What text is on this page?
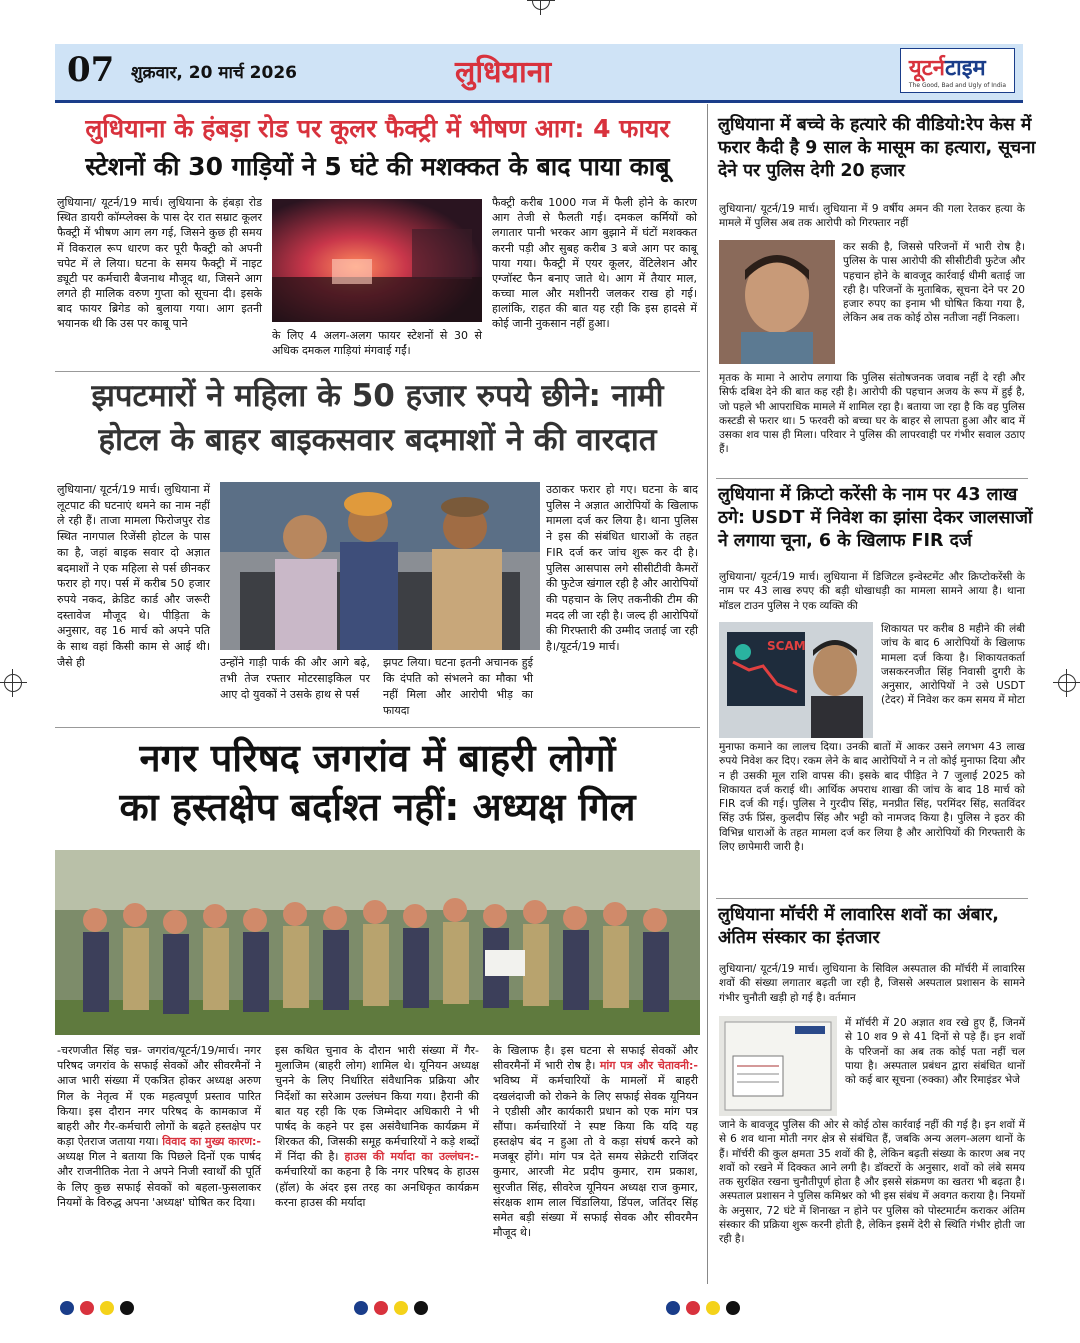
07 शुक्रवार, 20 मार्च 2026	लुधियाना	यूटर्नटाइम
The Good, Bad and Ugly of India
लुधियाना के हंबड़ा रोड पर कूलर फैक्ट्री में भीषण आग: 4 फायर
स्टेशनों की 30 गाड़ियों ने 5 घंटे की मशक्कत के बाद पाया काबू
लुधियाना/ यूटर्न/19 मार्च। लुधियाना के हंबड़ा रोड स्थित डायरी कॉम्प्लेक्स के पास देर रात सम्राट कूलर फैक्ट्री में भीषण आग लग गई, जिसने कुछ ही समय में विकराल रूप धारण कर पूरी फैक्ट्री को अपनी चपेट में ले लिया। घटना के समय फैक्ट्री में नाइट ड्यूटी पर कर्मचारी बैजनाथ मौजूद था, जिसने आग लगते ही मालिक वरुण गुप्ता को सूचना दी। इसके बाद फायर ब्रिगेड को बुलाया गया। आग इतनी भयानक थी कि उस पर काबू पाने
के लिए 4 अलग-अलग फायर स्टेशनों से 30 से अधिक दमकल गाड़ियां मंगवाई गईं।
फैक्ट्री करीब 1000 गज में फैली होने के कारण आग तेजी से फैलती गई। दमकल कर्मियों को लगातार पानी भरकर आग बुझाने में घंटों मशक्कत करनी पड़ी और सुबह करीब 3 बजे आग पर काबू पाया गया। फैक्ट्री में एयर कूलर, वेंटिलेशन और एग्जॉस्ट फैन बनाए जाते थे। आग में तैयार माल, कच्चा माल और मशीनरी जलकर राख हो गई। हालांकि, राहत की बात यह रही कि इस हादसे में कोई जानी नुकसान नहीं हुआ।
झपटमारों ने महिला के 50 हजार रुपये छीने: नामी
होटल के बाहर बाइकसवार बदमाशों ने की वारदात
लुधियाना/ यूटर्न/19 मार्च। लुधियाना में लूटपाट की घटनाएं थमने का नाम नहीं ले रही हैं। ताजा मामला फिरोजपुर रोड स्थित नागपाल रिजेंसी होटल के पास का है, जहां बाइक सवार दो अज्ञात बदमाशों ने एक महिला से पर्स छीनकर फरार हो गए। पर्स में करीब 50 हजार रुपये नकद, क्रेडिट कार्ड और जरूरी दस्तावेज मौजूद थे। पीड़िता के अनुसार, वह 16 मार्च को अपने पति के साथ वहां किसी काम से आई थी। जैसे ही	उन्होंने गाड़ी पार्क की और आगे बढ़े, तभी तेज रफ्तार मोटरसाइकिल पर आए दो युवकों ने उसके हाथ से पर्स
झपट लिया। घटना इतनी अचानक हुई कि दंपति को संभलने का मौका भी नहीं मिला और आरोपी भीड़ का फायदा
उठाकर फरार हो गए। घटना के बाद पुलिस ने अज्ञात आरोपियों के खिलाफ मामला दर्ज कर लिया है। थाना पुलिस ने इस की संबंधित धाराओं के तहत FIR दर्ज कर जांच शुरू कर दी है। पुलिस आसपास लगे सीसीटीवी कैमरों की फुटेज खंगाल रही है और आरोपियों की पहचान के लिए तकनीकी टीम की मदद ली जा रही है। जल्द ही आरोपियों की गिरफ्तारी की उम्मीद जताई जा रही है।/यूटर्न/19 मार्च।
नगर परिषद जगरांव में बाहरी लोगों
का हस्तक्षेप बर्दाश्त नहीं: अध्यक्ष गिल
-चरणजीत सिंह चन्न- जगरांव/यूटर्न/19/मार्च। नगर परिषद जगरांव के सफाई सेवकों और सीवरमैनों ने आज भारी संख्या में एकत्रित होकर अध्यक्ष अरुण गिल के नेतृत्व में एक महत्वपूर्ण प्रस्ताव पारित किया। इस दौरान नगर परिषद के कामकाज में बाहरी और गैर-कर्मचारी लोगों के बढ़ते हस्तक्षेप पर कड़ा ऐतराज जताया गया। विवाद का मुख्य कारण:- अध्यक्ष गिल ने बताया कि पिछले दिनों एक पार्षद और राजनीतिक नेता ने अपने निजी स्वार्थों की पूर्ति के लिए कुछ सफाई सेवकों को बहला-फुसलाकर नियमों के विरुद्ध अपना 'अध्यक्ष' घोषित कर दिया।
इस कथित चुनाव के दौरान भारी संख्या में गैर-मुलाजिम (बाहरी लोग) शामिल थे। यूनियन अध्यक्ष चुनने के लिए निर्धारित संवैधानिक प्रक्रिया और निर्देशों का सरेआम उल्लंघन किया गया। हैरानी की बात यह रही कि एक जिम्मेदार अधिकारी ने भी पार्षद के कहने पर इस असंवैधानिक कार्यक्रम में शिरकत की, जिसकी समूह कर्मचारियों ने कड़े शब्दों में निंदा की है। हाउस की मर्यादा का उल्लंघन:- कर्मचारियों का कहना है कि नगर परिषद के हाउस (हॉल) के अंदर इस तरह का अनधिकृत कार्यक्रम करना हाउस की मर्यादा
के खिलाफ है। इस घटना से सफाई सेवकों और सीवरमैनों में भारी रोष है। मांग पत्र और चेतावनी:- भविष्य में कर्मचारियों के मामलों में बाहरी दखलंदाजी को रोकने के लिए सफाई सेवक यूनियन ने एडीसी और कार्यकारी प्रधान को एक मांग पत्र सौंपा। कर्मचारियों ने स्पष्ट किया कि यदि यह हस्तक्षेप बंद न हुआ तो वे कड़ा संघर्ष करने को मजबूर होंगे। मांग पत्र देते समय सेक्रेटरी राजिंदर कुमार, आरजी मेट प्रदीप कुमार, राम प्रकाश, सुरजीत सिंह, सीवरेज यूनियन अध्यक्ष राज कुमार, संरक्षक शाम लाल चिंडालिया, डिंपल, जतिंदर सिंह समेत बड़ी संख्या में सफाई सेवक और सीवरमैन मौजूद थे।
लुधियाना में बच्चे के हत्यारे की वीडियो:रेप केस में फरार कैदी है 9 साल के मासूम का हत्यारा, सूचना देने पर पुलिस देगी 20 हजार
लुधियाना/ यूटर्न/19 मार्च। लुधियाना में 9 वर्षीय अमन की गला रेतकर हत्या के मामले में पुलिस अब तक आरोपी को गिरफ्तार नहीं
कर सकी है, जिससे परिजनों में भारी रोष है। पुलिस के पास आरोपी की सीसीटीवी फुटेज और पहचान होने के बावजूद कार्रवाई धीमी बताई जा रही है। परिजनों के मुताबिक, सूचना देने पर 20 हजार रुपए का इनाम भी घोषित किया गया है, लेकिन अब तक कोई ठोस नतीजा नहीं निकला।
मृतक के मामा ने आरोप लगाया कि पुलिस संतोषजनक जवाब नहीं दे रही और सिर्फ दबिश देने की बात कह रही है। आरोपी की पहचान अजय के रूप में हुई है, जो पहले भी आपराधिक मामले में शामिल रहा है। बताया जा रहा है कि वह पुलिस कस्टडी से फरार था। 5 फरवरी को बच्चा घर के बाहर से लापता हुआ और बाद में उसका शव पास ही मिला। परिवार ने पुलिस की लापरवाही पर गंभीर सवाल उठाए हैं।
लुधियाना में क्रिप्टो करेंसी के नाम पर 43 लाख ठगे: USDT में निवेश का झांसा देकर जालसाजों ने लगाया चूना, 6 के खिलाफ FIR दर्ज
लुधियाना/ यूटर्न/19 मार्च। लुधियाना में डिजिटल इन्वेस्टमेंट और क्रिप्टोकरेंसी के नाम पर 43 लाख रुपए की बड़ी धोखाधड़ी का मामला सामने आया है। थाना मॉडल टाउन पुलिस ने एक व्यक्ति की
SCAM
शिकायत पर करीब 8 महीने की लंबी जांच के बाद 6 आरोपियों के खिलाफ मामला दर्ज किया है। शिकायतकर्ता जसकरनजीत सिंह निवासी दुगरी के अनुसार, आरोपियों ने उसे USDT (टेदर) में निवेश कर कम समय में मोटा
मुनाफा कमाने का लालच दिया। उनकी बातों में आकर उसने लगभग 43 लाख रुपये निवेश कर दिए। रकम लेने के बाद आरोपियों ने न तो कोई मुनाफा दिया और न ही उसकी मूल राशि वापस की। इसके बाद पीड़ित ने 7 जुलाई 2025 को शिकायत दर्ज कराई थी। आर्थिक अपराध शाखा की जांच के बाद 18 मार्च को FIR दर्ज की गई। पुलिस ने गुरदीप सिंह, मनप्रीत सिंह, परमिंदर सिंह, सतविंदर सिंह उर्फ प्रिंस, कुलदीप सिंह और भट्टी को नामजद किया है। पुलिस ने इठर की विभिन्न धाराओं के तहत मामला दर्ज कर लिया है और आरोपियों की गिरफ्तारी के लिए छापेमारी जारी है।
लुधियाना मॉर्चरी में लावारिस शवों का अंबार, अंतिम संस्कार का इंतजार
लुधियाना/ यूटर्न/19 मार्च। लुधियाना के सिविल अस्पताल की मॉर्चरी में लावारिस शवों की संख्या लगातार बढ़ती जा रही है, जिससे अस्पताल प्रशासन के सामने गंभीर चुनौती खड़ी हो गई है। वर्तमान
में मॉर्चरी में 20 अज्ञात शव रखे हुए हैं, जिनमें से 10 शव 9 से 41 दिनों से पड़े हैं। इन शवों के परिजनों का अब तक कोई पता नहीं चल पाया है। अस्पताल प्रबंधन द्वारा संबंधित थानों को कई बार सूचना (रुक्का) और रिमाइंडर भेजे
जाने के बावजूद पुलिस की ओर से कोई ठोस कार्रवाई नहीं की गई है। इन शवों में से 6 शव थाना मोती नगर क्षेत्र से संबंधित हैं, जबकि अन्य अलग-अलग थानों के हैं। मॉर्चरी की कुल क्षमता 35 शवों की है, लेकिन बढ़ती संख्या के कारण अब नए शवों को रखने में दिक्कत आने लगी है। डॉक्टरों के अनुसार, शवों को लंबे समय तक सुरक्षित रखना चुनौतीपूर्ण होता है और इससे संक्रमण का खतरा भी बढ़ता है। अस्पताल प्रशासन ने पुलिस कमिश्नर को भी इस संबंध में अवगत कराया है। नियमों के अनुसार, 72 घंटे में शिनाख्त न होने पर पुलिस को पोस्टमार्टम कराकर अंतिम संस्कार की प्रक्रिया शुरू करनी होती है, लेकिन इसमें देरी से स्थिति गंभीर होती जा रही है।
